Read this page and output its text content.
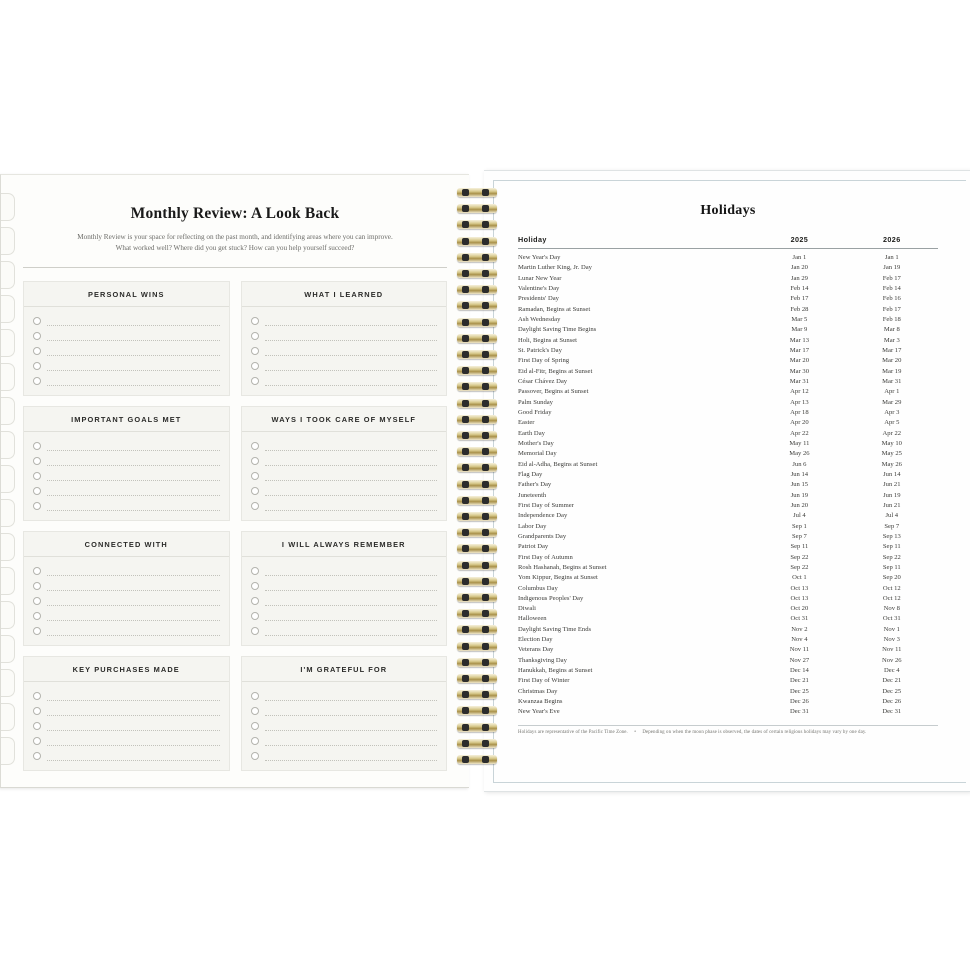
Monthly Review: A Look Back
Monthly Review is your space for reflecting on the past month, and identifying areas where you can improve.
What worked well? Where did you get stuck? How can you help yourself succeed?
PERSONAL WINS	WHAT I LEARNED
IMPORTANT GOALS MET	WAYS I TOOK CARE OF MYSELF
CONNECTED WITH	I WILL ALWAYS REMEMBER
KEY PURCHASES MADE	I'M GRATEFUL FOR
Holidays
Holiday	2025	2026
New Year's Day	Jan 1	Jan 1
Martin Luther King, Jr. Day	Jan 20	Jan 19
Lunar New Year	Jan 29	Feb 17
Valentine's Day	Feb 14	Feb 14
Presidents' Day	Feb 17	Feb 16
Ramadan, Begins at Sunset	Feb 28	Feb 17
Ash Wednesday	Mar 5	Feb 18
Daylight Saving Time Begins	Mar 9	Mar 8
Holi, Begins at Sunset	Mar 13	Mar 3
St. Patrick's Day	Mar 17	Mar 17
First Day of Spring	Mar 20	Mar 20
Eid al-Fitr, Begins at Sunset	Mar 30	Mar 19
César Chávez Day	Mar 31	Mar 31
Passover, Begins at Sunset	Apr 12	Apr 1
Palm Sunday	Apr 13	Mar 29
Good Friday	Apr 18	Apr 3
Easter	Apr 20	Apr 5
Earth Day	Apr 22	Apr 22
Mother's Day	May 11	May 10
Memorial Day	May 26	May 25
Eid al-Adha, Begins at Sunset	Jun 6	May 26
Flag Day	Jun 14	Jun 14
Father's Day	Jun 15	Jun 21
Juneteenth	Jun 19	Jun 19
First Day of Summer	Jun 20	Jun 21
Independence Day	Jul 4	Jul 4
Labor Day	Sep 1	Sep 7
Grandparents Day	Sep 7	Sep 13
Patriot Day	Sep 11	Sep 11
First Day of Autumn	Sep 22	Sep 22
Rosh Hashanah, Begins at Sunset	Sep 22	Sep 11
Yom Kippur, Begins at Sunset	Oct 1	Sep 20
Columbus Day	Oct 13	Oct 12
Indigenous Peoples' Day	Oct 13	Oct 12
Diwali	Oct 20	Nov 8
Halloween	Oct 31	Oct 31
Daylight Saving Time Ends	Nov 2	Nov 1
Election Day	Nov 4	Nov 3
Veterans Day	Nov 11	Nov 11
Thanksgiving Day	Nov 27	Nov 26
Hanukkah, Begins at Sunset	Dec 14	Dec 4
First Day of Winter	Dec 21	Dec 21
Christmas Day	Dec 25	Dec 25
Kwanzaa Begins	Dec 26	Dec 26
New Year's Eve	Dec 31	Dec 31
Holidays are representative of the Pacific Time Zone. • Depending on when the moon phase is observed, the dates of certain religious holidays may vary by one day.
